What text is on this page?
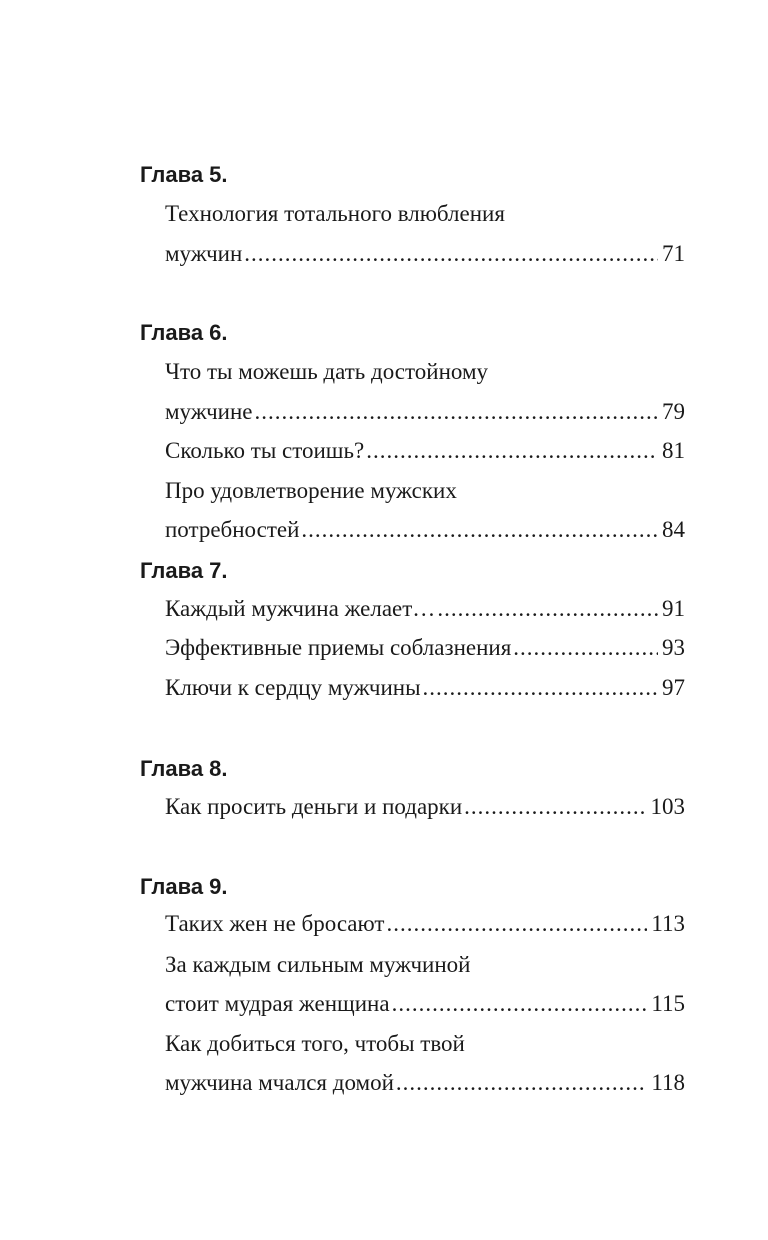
Глава 5.
Технология тотального влюбления
мужчин .....	71
Глава 6.
Что ты можешь дать достойному
мужчине .....	79
Сколько ты стоишь? .....	81
Про удовлетворение мужских
потребностей .....	84
Глава 7.
Каждый мужчина желает… .....	91
Эффективные приемы соблазнения .....	93
Ключи к сердцу мужчины .....	97
Глава 8.
Как просить деньги и подарки .....	103
Глава 9.
Таких жен не бросают .....	113
За каждым сильным мужчиной
стоит мудрая женщина .....	115
Как добиться того, чтобы твой
мужчина мчался домой .....	118
